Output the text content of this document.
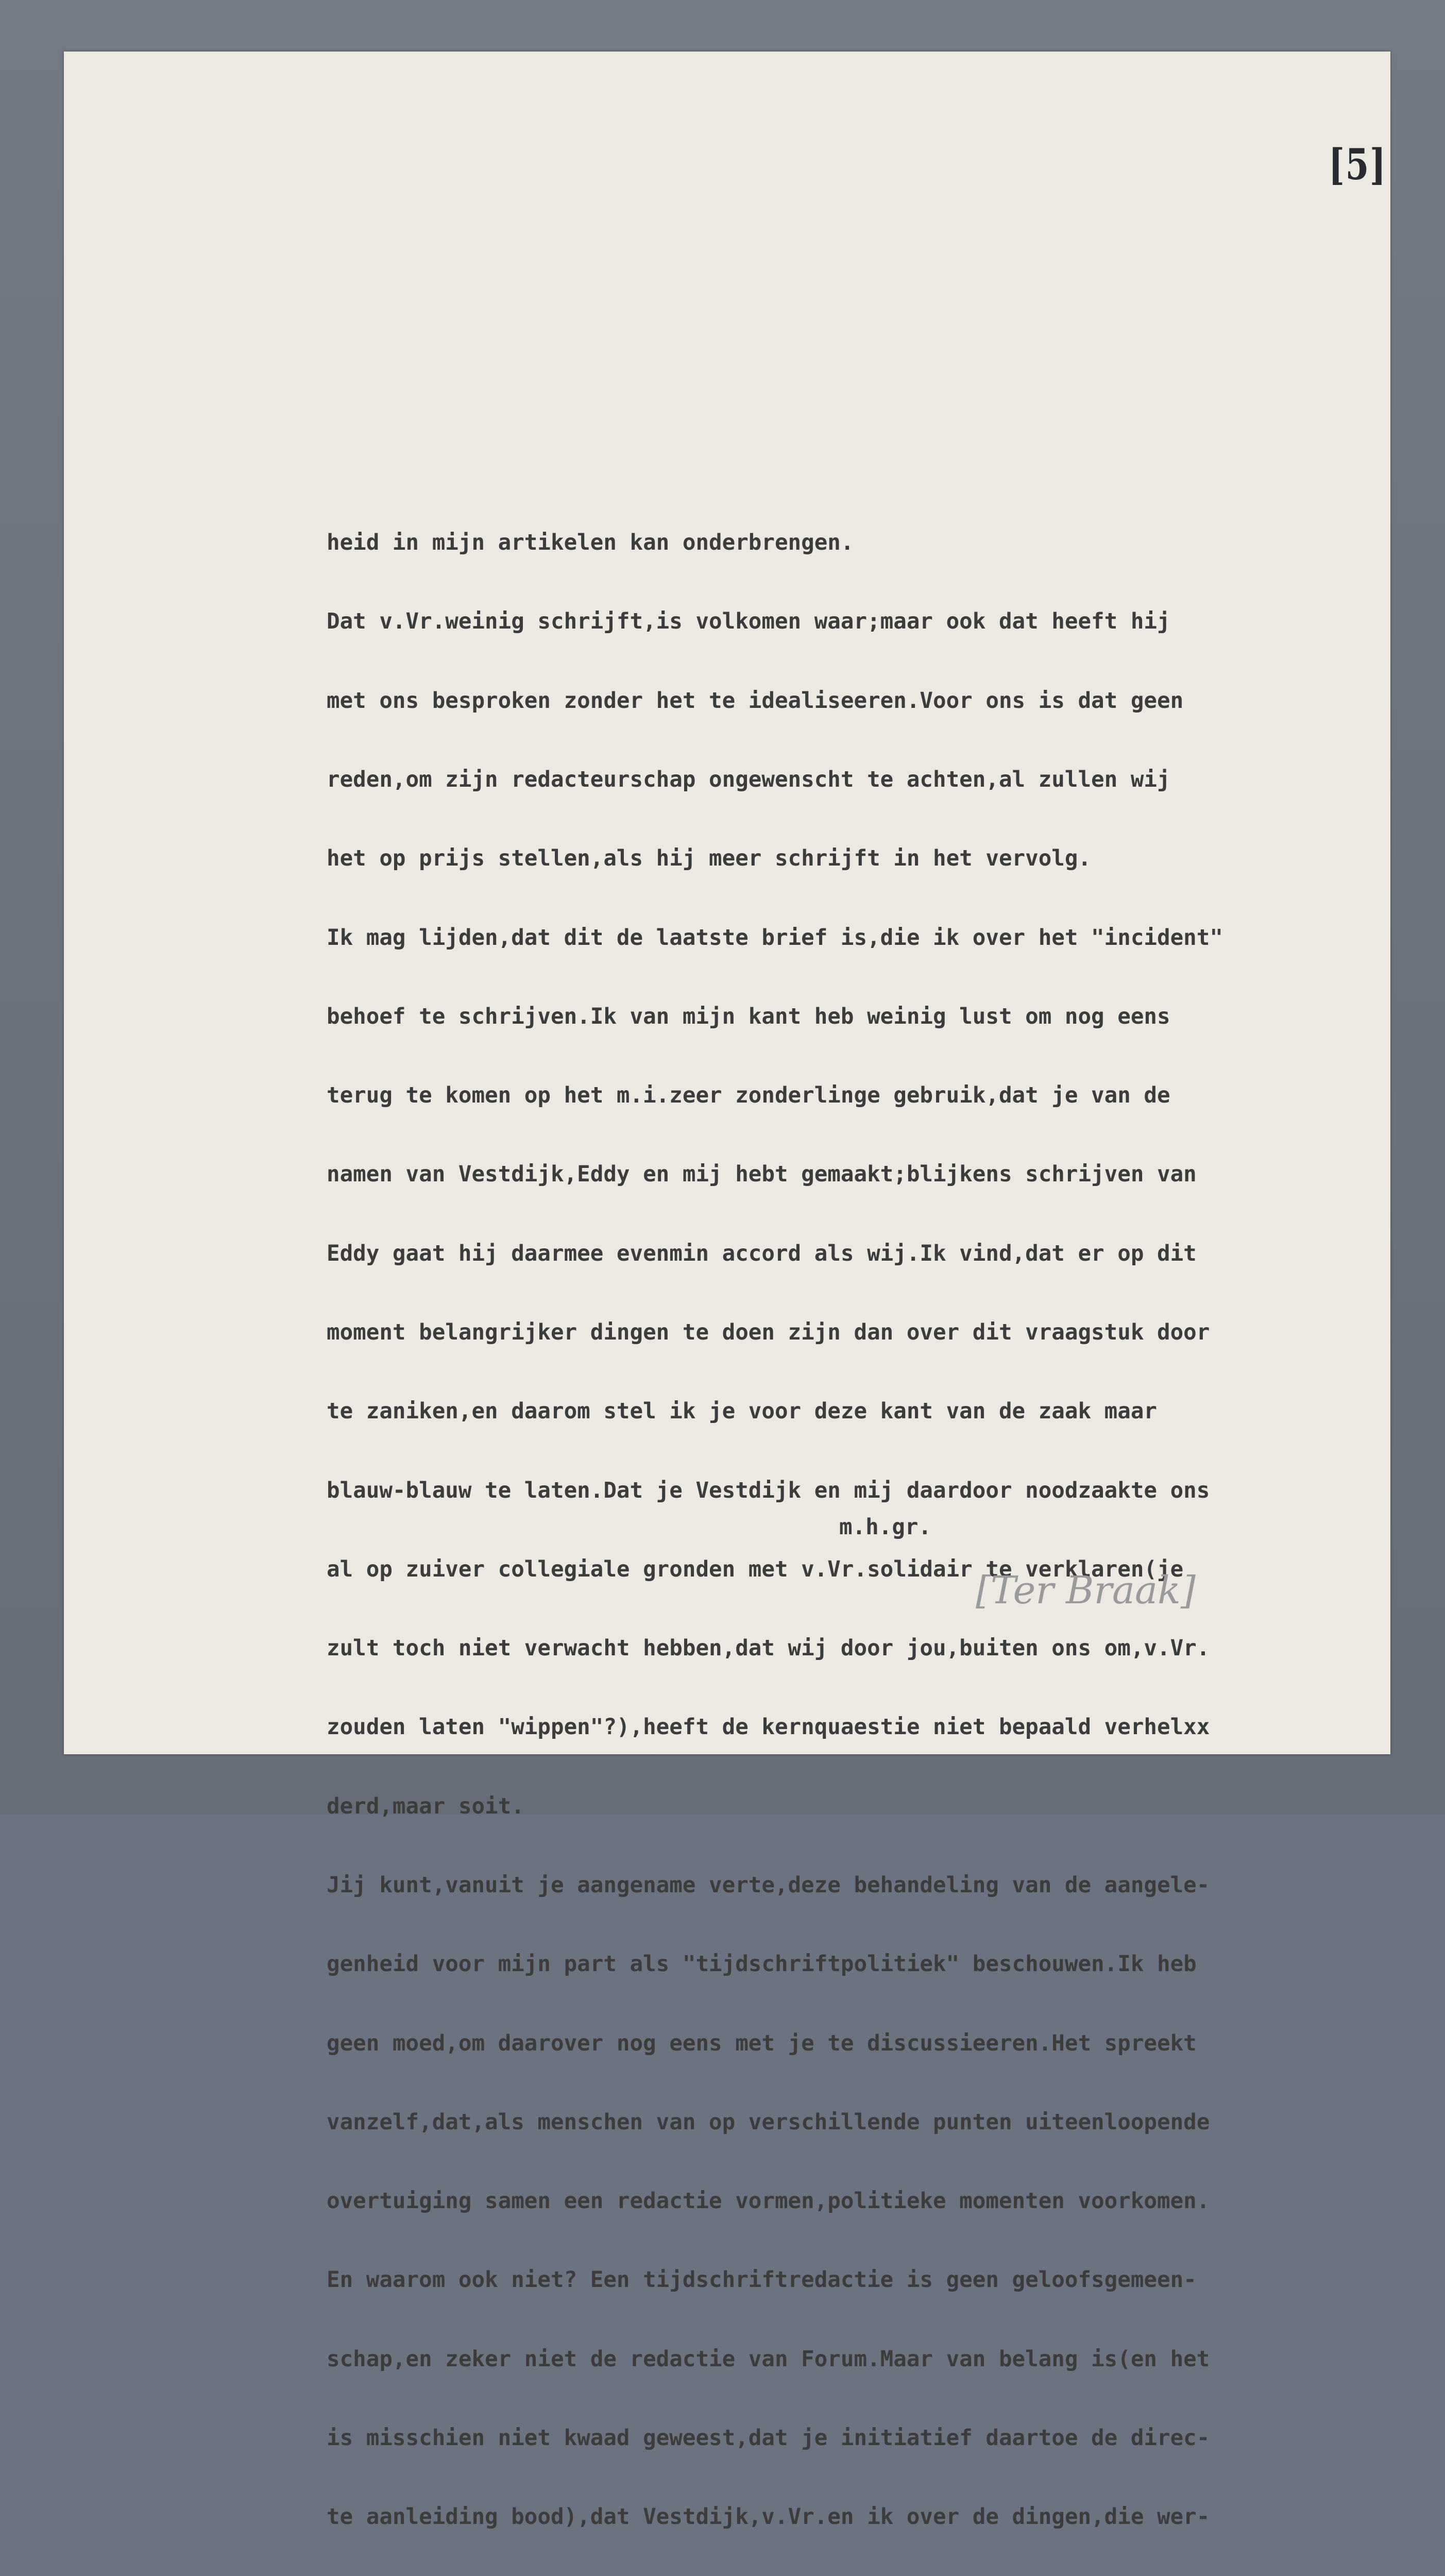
[5]

heid in mijn artikelen kan onderbrengen.

Dat v.Vr.weinig schrijft,is volkomen waar;maar ook dat heeft hij

met ons besproken zonder het te idealiseeren.Voor ons is dat geen

reden,om zijn redacteurschap ongewenscht te achten,al zullen wij

het op prijs stellen,als hij meer schrijft in het vervolg.

Ik mag lijden,dat dit de laatste brief is,die ik over het "incident"

behoef te schrijven.Ik van mijn kant heb weinig lust om nog eens

terug te komen op het m.i.zeer zonderlinge gebruik,dat je van de

namen van Vestdijk,Eddy en mij hebt gemaakt;blijkens schrijven van

Eddy gaat hij daarmee evenmin accord als wij.Ik vind,dat er op dit

moment belangrijker dingen te doen zijn dan over dit vraagstuk door

te zaniken,en daarom stel ik je voor deze kant van de zaak maar

blauw-blauw te laten.Dat je Vestdijk en mij daardoor noodzaakte ons

al op zuiver collegiale gronden met v.Vr.solidair te verklaren(je

zult toch niet verwacht hebben,dat wij door jou,buiten ons om,v.Vr.

zouden laten "wippen"?),heeft de kernquaestie niet bepaald verhelxx

derd,maar soit.

Jij kunt,vanuit je aangename verte,deze behandeling van de aangele-

genheid voor mijn part als "tijdschriftpolitiek" beschouwen.Ik heb

geen moed,om daarover nog eens met je te discussieeren.Het spreekt

vanzelf,dat,als menschen van op verschillende punten uiteenloopende

overtuiging samen een redactie vormen,politieke momenten voorkomen.

En waarom ook niet? Een tijdschriftredactie is geen geloofsgemeen-

schap,en zeker niet de redactie van Forum.Maar van belang is(en het

is misschien niet kwaad geweest,dat je initiatief daartoe de direc-

te aanleiding bood),dat Vestdijk,v.Vr.en ik over de dingen,die wer-

m.h.gr.
[Ter Braak]
